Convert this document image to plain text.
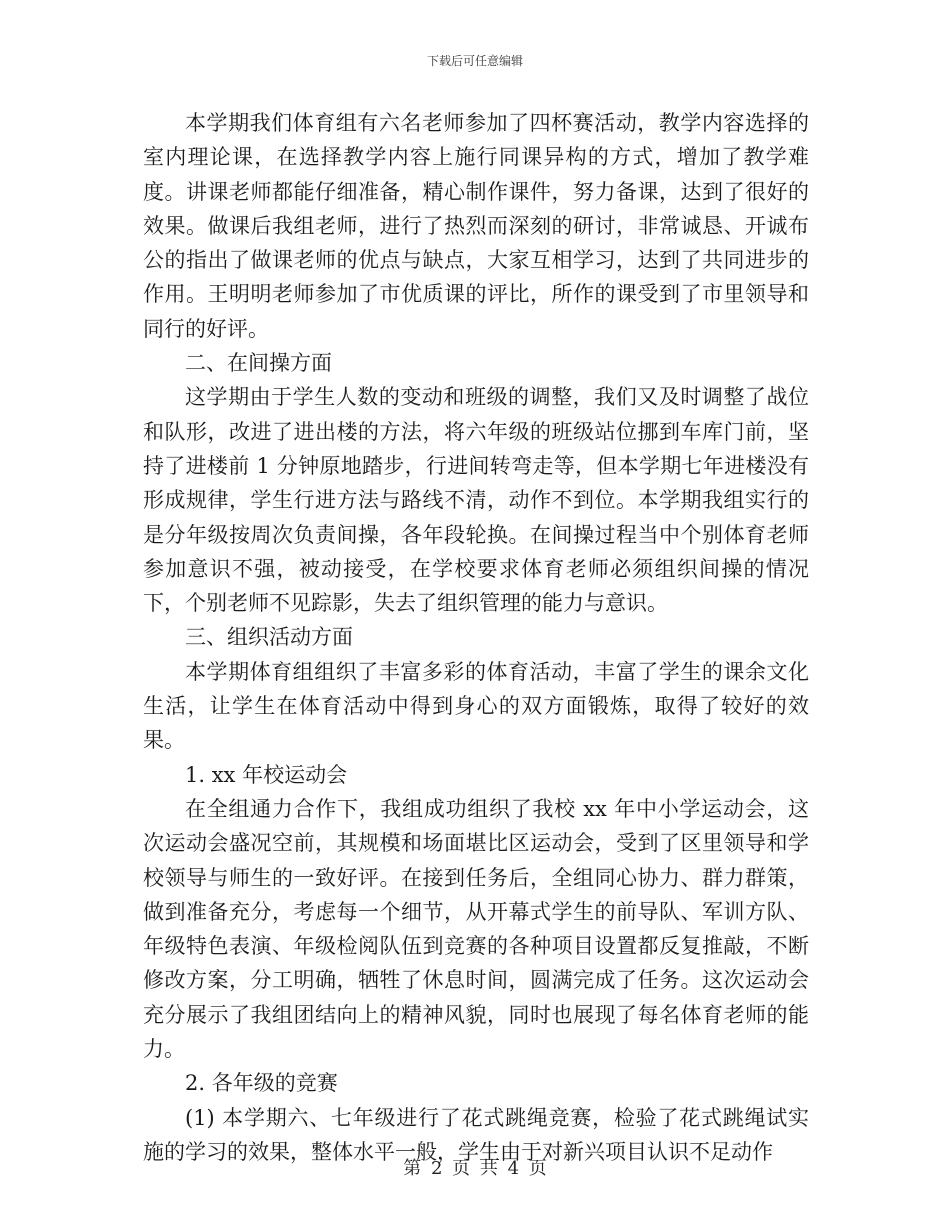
下载后可任意编辑

本学期我们体育组有六名老师参加了四杯赛活动，教学内容选择的室内理论课，在选择教学内容上施行同课异构的方式，增加了教学难度。讲课老师都能仔细准备，精心制作课件，努力备课，达到了很好的效果。做课后我组老师，进行了热烈而深刻的研讨，非常诚恳、开诚布公的指出了做课老师的优点与缺点，大家互相学习，达到了共同进步的作用。王明明老师参加了市优质课的评比，所作的课受到了市里领导和同行的好评。

二、在间操方面

这学期由于学生人数的变动和班级的调整，我们又及时调整了战位和队形，改进了进出楼的方法，将六年级的班级站位挪到车库门前，坚持了进楼前 1 分钟原地踏步，行进间转弯走等，但本学期七年进楼没有形成规律，学生行进方法与路线不清，动作不到位。本学期我组实行的是分年级按周次负责间操，各年段轮换。在间操过程当中个别体育老师参加意识不强，被动接受，在学校要求体育老师必须组织间操的情况下，个别老师不见踪影，失去了组织管理的能力与意识。

三、组织活动方面

本学期体育组组织了丰富多彩的体育活动，丰富了学生的课余文化生活，让学生在体育活动中得到身心的双方面锻炼，取得了较好的效果。

1. xx 年校运动会

在全组通力合作下，我组成功组织了我校 xx 年中小学运动会，这次运动会盛况空前，其规模和场面堪比区运动会，受到了区里领导和学校领导与师生的一致好评。在接到任务后，全组同心协力、群力群策，做到准备充分，考虑每一个细节，从开幕式学生的前导队、军训方队、年级特色表演、年级检阅队伍到竞赛的各种项目设置都反复推敲，不断修改方案，分工明确，牺牲了休息时间，圆满完成了任务。这次运动会充分展示了我组团结向上的精神风貌，同时也展现了每名体育老师的能力。

2. 各年级的竞赛

(1) 本学期六、七年级进行了花式跳绳竞赛，检验了花式跳绳试实施的学习的效果，整体水平一般，学生由于对新兴项目认识不足动作

第 2 页 共 4 页
